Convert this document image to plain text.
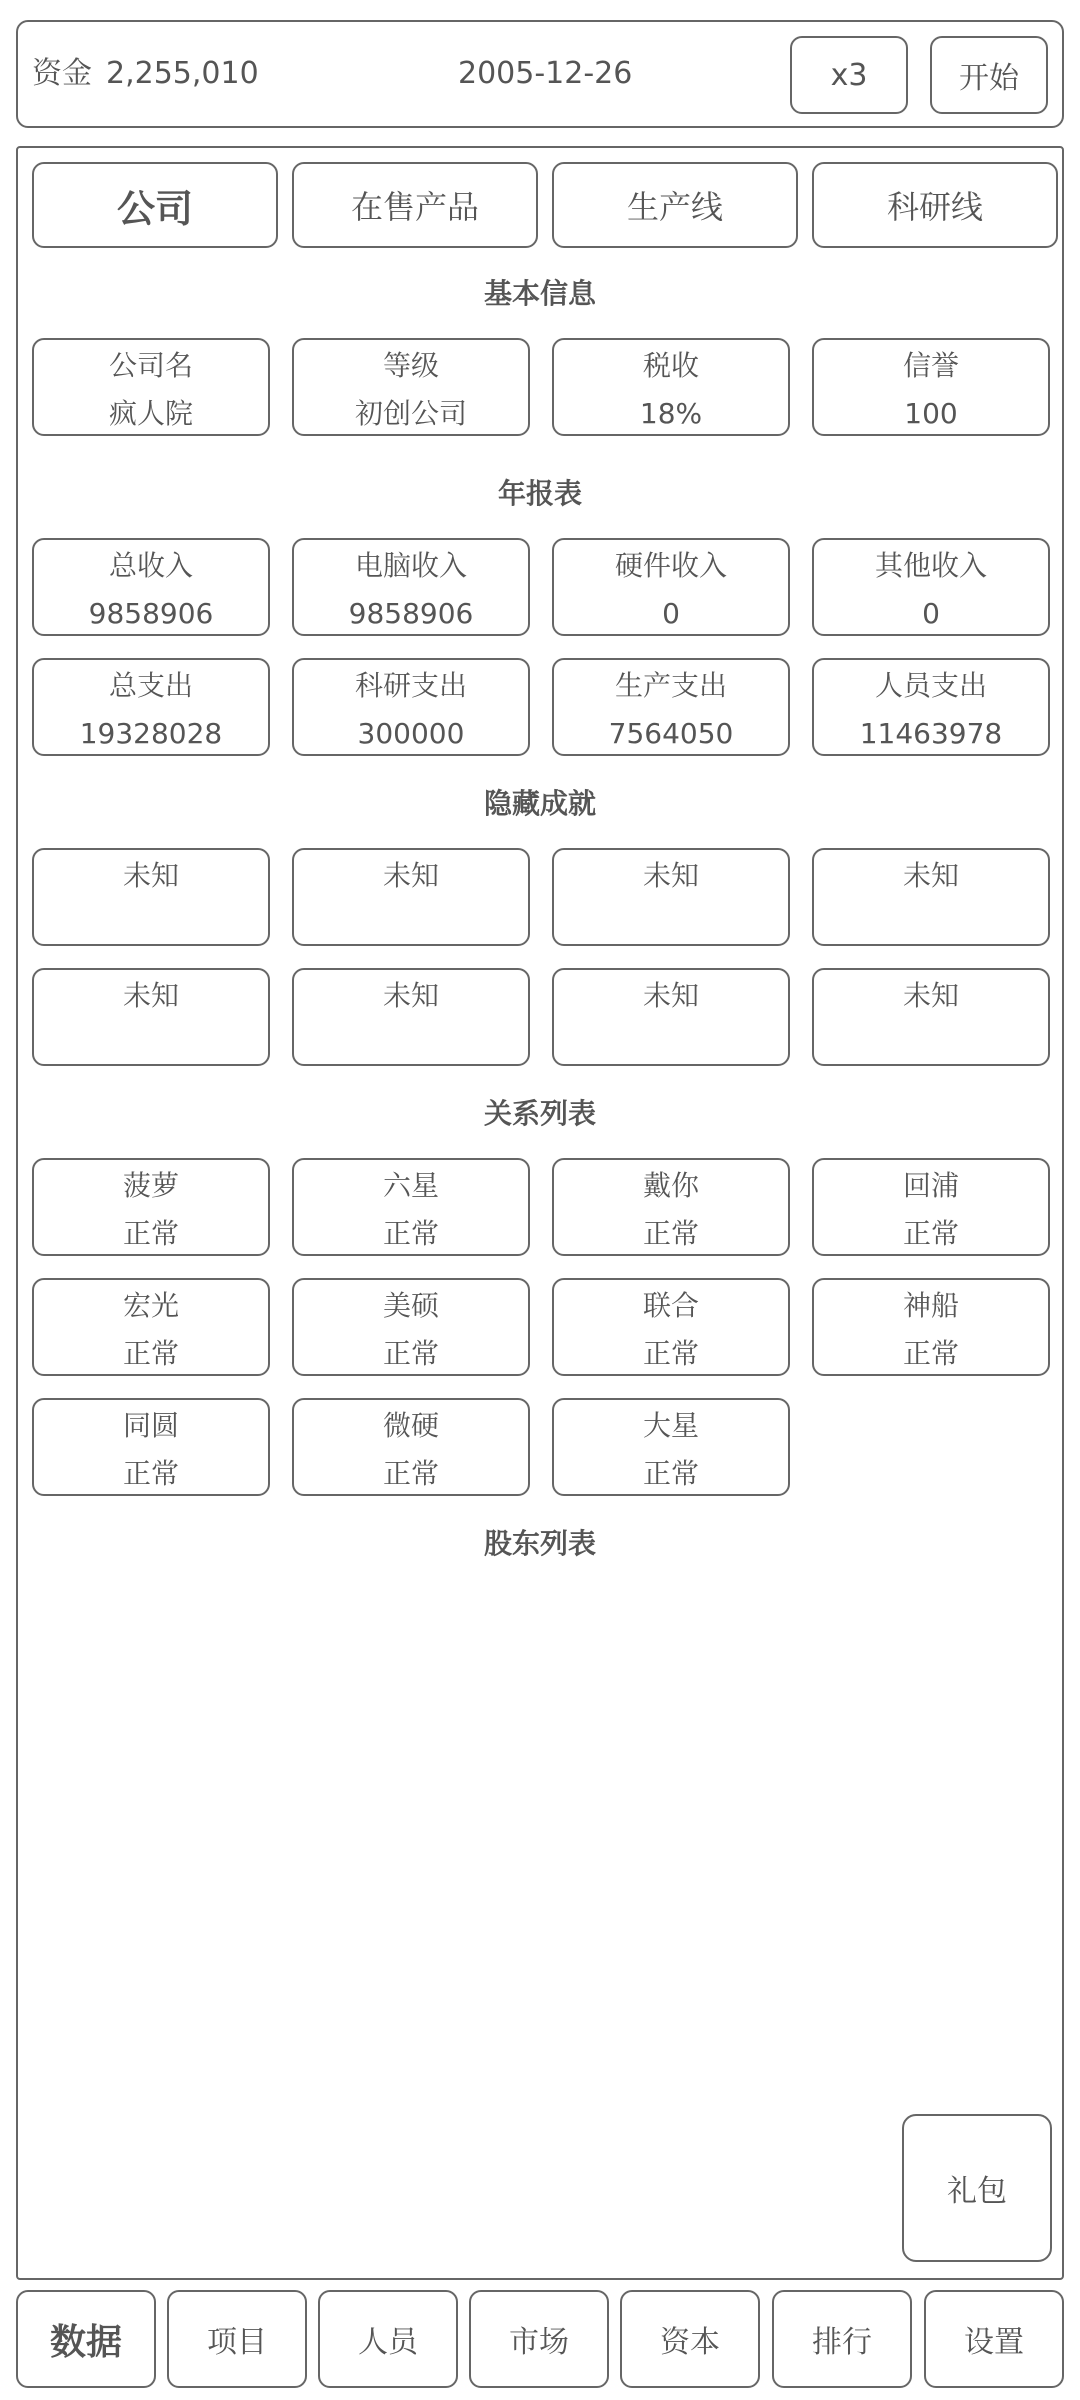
资金 2,255,010	2005-12-26	x3	开始
公司	在售产品	生产线	科研线
基本信息
公司名
疯人院
等级
初创公司
税收
18%
信誉
100
年报表
总收入
9858906
电脑收入
9858906
硬件收入
0
其他收入
0
总支出
19328028
科研支出
300000
生产支出
7564050
人员支出
11463978
隐藏成就
未知	未知	未知	未知
未知	未知	未知	未知
关系列表
菠萝
正常
六星
正常
戴你
正常
回浦
正常
宏光
正常
美硕
正常
联合
正常
神船
正常
同圆
正常
微硬
正常
大星
正常
股东列表
礼包
数据	项目	人员	市场	资本	排行	设置
